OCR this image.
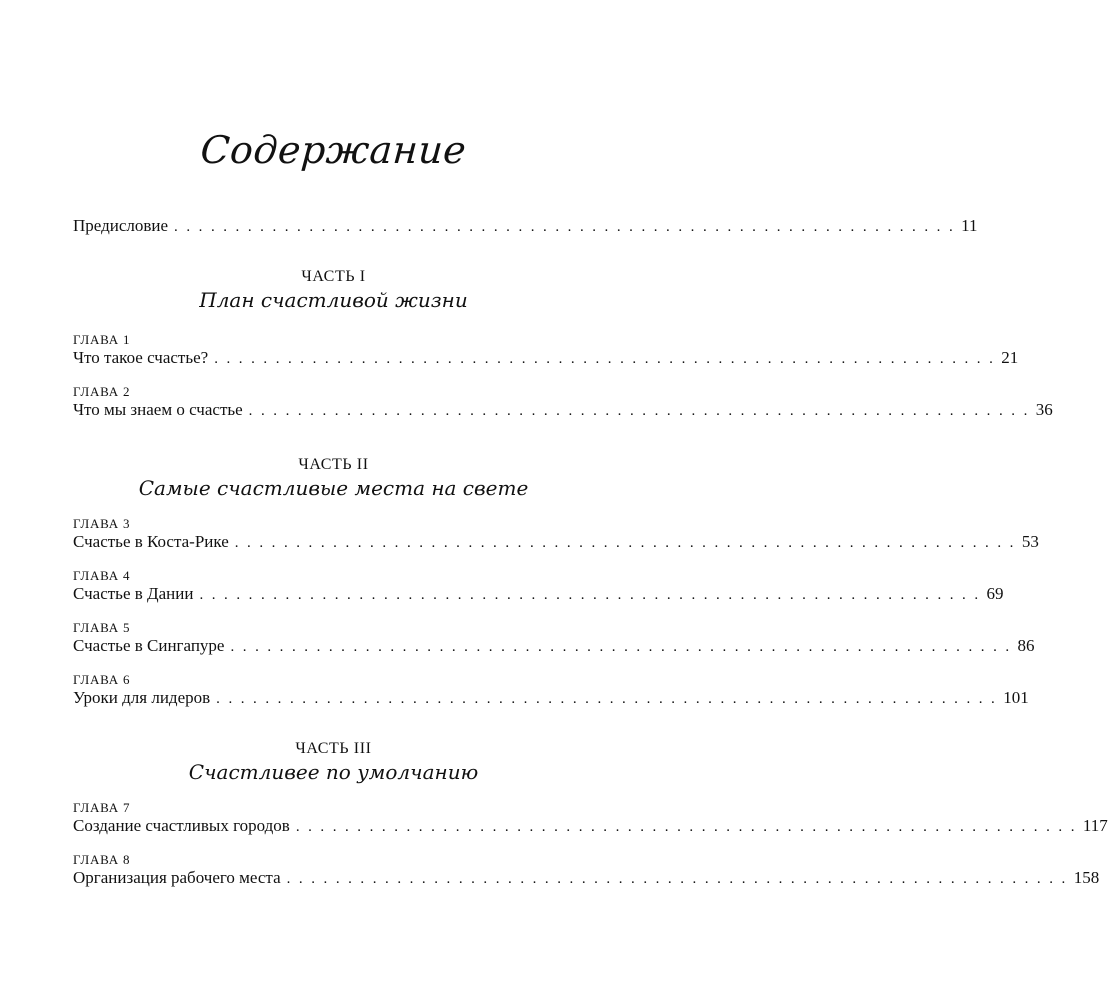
Содержание
Предисловие . . . . . . . . . . . . . . . . . . . . . . . . . . . . . . . . . . . . . . . . . . . . . . . . . . . . . . . . . . . . . . . . 11
ЧАСТЬ I
План счастливой жизни
ГЛАВА 1
Что такое счастье? . . . . . . . . . . . . . . . . . . . . . . . . . . . . . . . . . . . . . . . . . . . . . . . . . . . . . . . . . . . . . . . . 21
ГЛАВА 2
Что мы знаем о счастье . . . . . . . . . . . . . . . . . . . . . . . . . . . . . . . . . . . . . . . . . . . . . . . . . . . . . . . . . . . . . . . . 36
ЧАСТЬ II
Самые счастливые места на свете
ГЛАВА 3
Счастье в Коста-Рике . . . . . . . . . . . . . . . . . . . . . . . . . . . . . . . . . . . . . . . . . . . . . . . . . . . . . . . . . . . . . . . . 53
ГЛАВА 4
Счастье в Дании . . . . . . . . . . . . . . . . . . . . . . . . . . . . . . . . . . . . . . . . . . . . . . . . . . . . . . . . . . . . . . . . 69
ГЛАВА 5
Счастье в Сингапуре . . . . . . . . . . . . . . . . . . . . . . . . . . . . . . . . . . . . . . . . . . . . . . . . . . . . . . . . . . . . . . . . 86
ГЛАВА 6
Уроки для лидеров . . . . . . . . . . . . . . . . . . . . . . . . . . . . . . . . . . . . . . . . . . . . . . . . . . . . . . . . . . . . . . . . 101
ЧАСТЬ III
Счастливее по умолчанию
ГЛАВА 7
Создание счастливых городов . . . . . . . . . . . . . . . . . . . . . . . . . . . . . . . . . . . . . . . . . . . . . . . . . . . . . . . . . . . . . . . . 117
ГЛАВА 8
Организация рабочего места . . . . . . . . . . . . . . . . . . . . . . . . . . . . . . . . . . . . . . . . . . . . . . . . . . . . . . . . . . . . . . . . 158
